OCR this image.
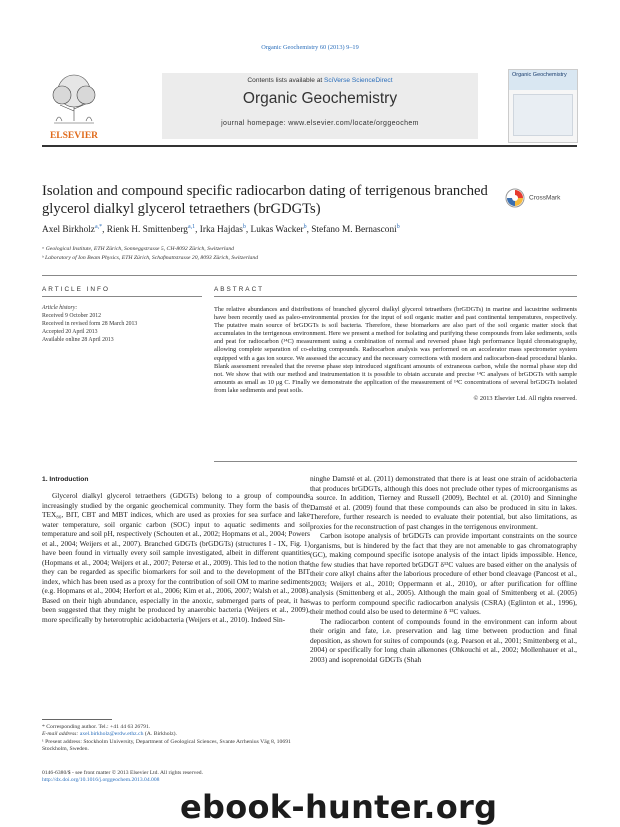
Organic Geochemistry 60 (2013) 9–19
ELSEVIER
Contents lists available at SciVerse ScienceDirect
Organic Geochemistry
journal homepage: www.elsevier.com/locate/orggeochem
Organic Geochemistry
Isolation and compound specific radiocarbon dating of terrigenous branched glycerol dialkyl glycerol tetraethers (brGDGTs)
CrossMark
Axel Birkholz$^{a,*}$, Rienk H. Smittenberg$^{a,1}$, Irka Hajdas$^b$, Lukas Wacker$^b$, Stefano M. Bernasconi$^b$
ᵃ Geological Institute, ETH Zürich, Sonneggstrasse 5, CH-8092 Zürich, Switzerland
ᵇ Laboratory of Ion Beam Physics, ETH Zürich, Schafmattstrasse 20, 8093 Zürich, Switzerland
ARTICLE INFO	ABSTRACT
Article history:
Received 9 October 2012
Received in revised form 28 March 2013
Accepted 20 April 2013
Available online 28 April 2013
The relative abundances and distributions of branched glycerol dialkyl glycerol tetraethers (brGDGTs) in marine and lacustrine sediments have been recently used as paleo-environmental proxies for the input of soil organic matter and past continental temperatures, respectively. The putative main source of brGDGTs is soil bacteria. Therefore, these biomarkers are also part of the soil organic matter stock that accumulates in the terrigenous environment. Here we present a method for isolating and purifying these compounds from lake sediments, soils and peat for radiocarbon (¹⁴C) measurement using a combination of normal and reversed phase high performance liquid chromatography, allowing complete separation of co-eluting compounds. Radiocarbon analysis was performed on an accelerator mass spectrometer system equipped with a gas ion source. We assessed the accuracy and the necessary corrections with modern and radiocarbon-dead procedural blanks. Blank assessment revealed that the reverse phase step introduced significant amounts of extraneous carbon, while the normal phase step did not. We show that with our method and instrumentation it is possible to obtain accurate and precise ¹⁴C analyses of brGDGTs with sample amounts as small as 10 μg C. Finally we demonstrate the application of the measurement of ¹⁴C concentrations of several brGDGTs isolated from lake sediments and peat soils.
© 2013 Elsevier Ltd. All rights reserved.
1. Introduction

Glycerol dialkyl glycerol tetraethers (GDGTs) belong to a group of compounds increasingly studied by the organic geochemical community. They form the basis of the TEX₈₆, BIT, CBT and MBT indices, which are used as proxies for sea surface and lake water temperature, soil organic carbon (SOC) input to aquatic sediments and soil temperature and soil pH, respectively (Schouten et al., 2002; Hopmans et al., 2004; Powers et al., 2004; Weijers et al., 2007). Branched GDGTs (brGDGTs) (structures I - IX, Fig. 1) have been found in virtually every soil sample investigated, albeit in different quantities (Hopmans et al., 2004; Weijers et al., 2007; Peterse et al., 2009). This led to the notion that they can be regarded as specific biomarkers for soil and to the development of the BIT index, which has been used as a proxy for the contribution of soil OM to marine sediments (e.g. Hopmans et al., 2004; Herfort et al., 2006; Kim et al., 2006, 2007; Walsh et al., 2008). Based on their high abundance, especially in the anoxic, submerged parts of peat, it has been suggested that they might be produced by anaerobic bacteria (Weijers et al., 2009), more specifically by heterotrophic acidobacteria (Weijers et al., 2010). Indeed Sin-

ninghe Damsté et al. (2011) demonstrated that there is at least one strain of acidobacteria that produces brGDGTs, although this does not preclude other types of microorganisms as a source. In addition, Tierney and Russell (2009), Bechtel et al. (2010) and Sinninghe Damsté et al. (2009) found that these compounds can also be produced in situ in lakes. Therefore, further research is needed to evaluate their potential, but also limitations, as proxies for the reconstruction of past changes in the terrigenous environment.

Carbon isotope analysis of brGDGTs can provide important constraints on the source organisms, but is hindered by the fact that they are not amenable to gas chromatography (GC), making compound specific isotope analysis of the intact lipids impossible. Hence, the few studies that have reported brGDGT δ¹³C values are based either on the analysis of their core alkyl chains after the laborious procedure of ether bond cleavage (Pancost et al., 2003; Weijers et al., 2010; Oppermann et al., 2010), or after purification for offline analysis (Smittenberg et al., 2005). Although the main goal of Smittenberg et al. (2005) was to perform compound specific radiocarbon analysis (CSRA) (Eglinton et al., 1996), their method could also be used to determine δ ¹³C values.

The radiocarbon content of compounds found in the environment can inform about their origin and fate, i.e. preservation and lag time between production and final deposition, as shown for suites of compounds (e.g. Pearson et al., 2001; Smittenberg et al., 2004) or specifically for long chain alkenones (Ohkouchi et al., 2002; Mollenhauer et al., 2003) and isoprenoidal GDGTs (Shah

* Corresponding author. Tel.: +41 44 63 26791.
E-mail address: axel.birkholz@erdw.ethz.ch (A. Birkholz).
¹ Present address: Stockholm University, Department of Geological Sciences, Svante Arrhenius Väg 8, 10691 Stockholm, Sweden.
0146-6380/$ - see front matter © 2013 Elsevier Ltd. All rights reserved.
http://dx.doi.org/10.1016/j.orggeochem.2013.04.008
ebook-hunter.org
